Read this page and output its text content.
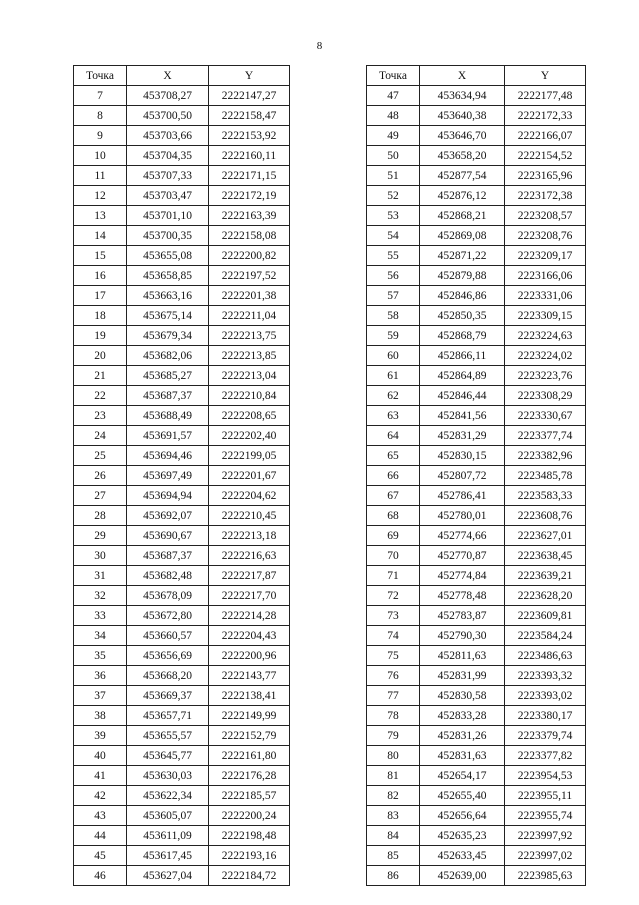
8
Точка	X	Y
7	453708,27	2222147,27
8	453700,50	2222158,47
9	453703,66	2222153,92
10	453704,35	2222160,11
11	453707,33	2222171,15
12	453703,47	2222172,19
13	453701,10	2222163,39
14	453700,35	2222158,08
15	453655,08	2222200,82
16	453658,85	2222197,52
17	453663,16	2222201,38
18	453675,14	2222211,04
19	453679,34	2222213,75
20	453682,06	2222213,85
21	453685,27	2222213,04
22	453687,37	2222210,84
23	453688,49	2222208,65
24	453691,57	2222202,40
25	453694,46	2222199,05
26	453697,49	2222201,67
27	453694,94	2222204,62
28	453692,07	2222210,45
29	453690,67	2222213,18
30	453687,37	2222216,63
31	453682,48	2222217,87
32	453678,09	2222217,70
33	453672,80	2222214,28
34	453660,57	2222204,43
35	453656,69	2222200,96
36	453668,20	2222143,77
37	453669,37	2222138,41
38	453657,71	2222149,99
39	453655,57	2222152,79
40	453645,77	2222161,80
41	453630,03	2222176,28
42	453622,34	2222185,57
43	453605,07	2222200,24
44	453611,09	2222198,48
45	453617,45	2222193,16
46	453627,04	2222184,72
Точка	X	Y
47	453634,94	2222177,48
48	453640,38	2222172,33
49	453646,70	2222166,07
50	453658,20	2222154,52
51	452877,54	2223165,96
52	452876,12	2223172,38
53	452868,21	2223208,57
54	452869,08	2223208,76
55	452871,22	2223209,17
56	452879,88	2223166,06
57	452846,86	2223331,06
58	452850,35	2223309,15
59	452868,79	2223224,63
60	452866,11	2223224,02
61	452864,89	2223223,76
62	452846,44	2223308,29
63	452841,56	2223330,67
64	452831,29	2223377,74
65	452830,15	2223382,96
66	452807,72	2223485,78
67	452786,41	2223583,33
68	452780,01	2223608,76
69	452774,66	2223627,01
70	452770,87	2223638,45
71	452774,84	2223639,21
72	452778,48	2223628,20
73	452783,87	2223609,81
74	452790,30	2223584,24
75	452811,63	2223486,63
76	452831,99	2223393,32
77	452830,58	2223393,02
78	452833,28	2223380,17
79	452831,26	2223379,74
80	452831,63	2223377,82
81	452654,17	2223954,53
82	452655,40	2223955,11
83	452656,64	2223955,74
84	452635,23	2223997,92
85	452633,45	2223997,02
86	452639,00	2223985,63
